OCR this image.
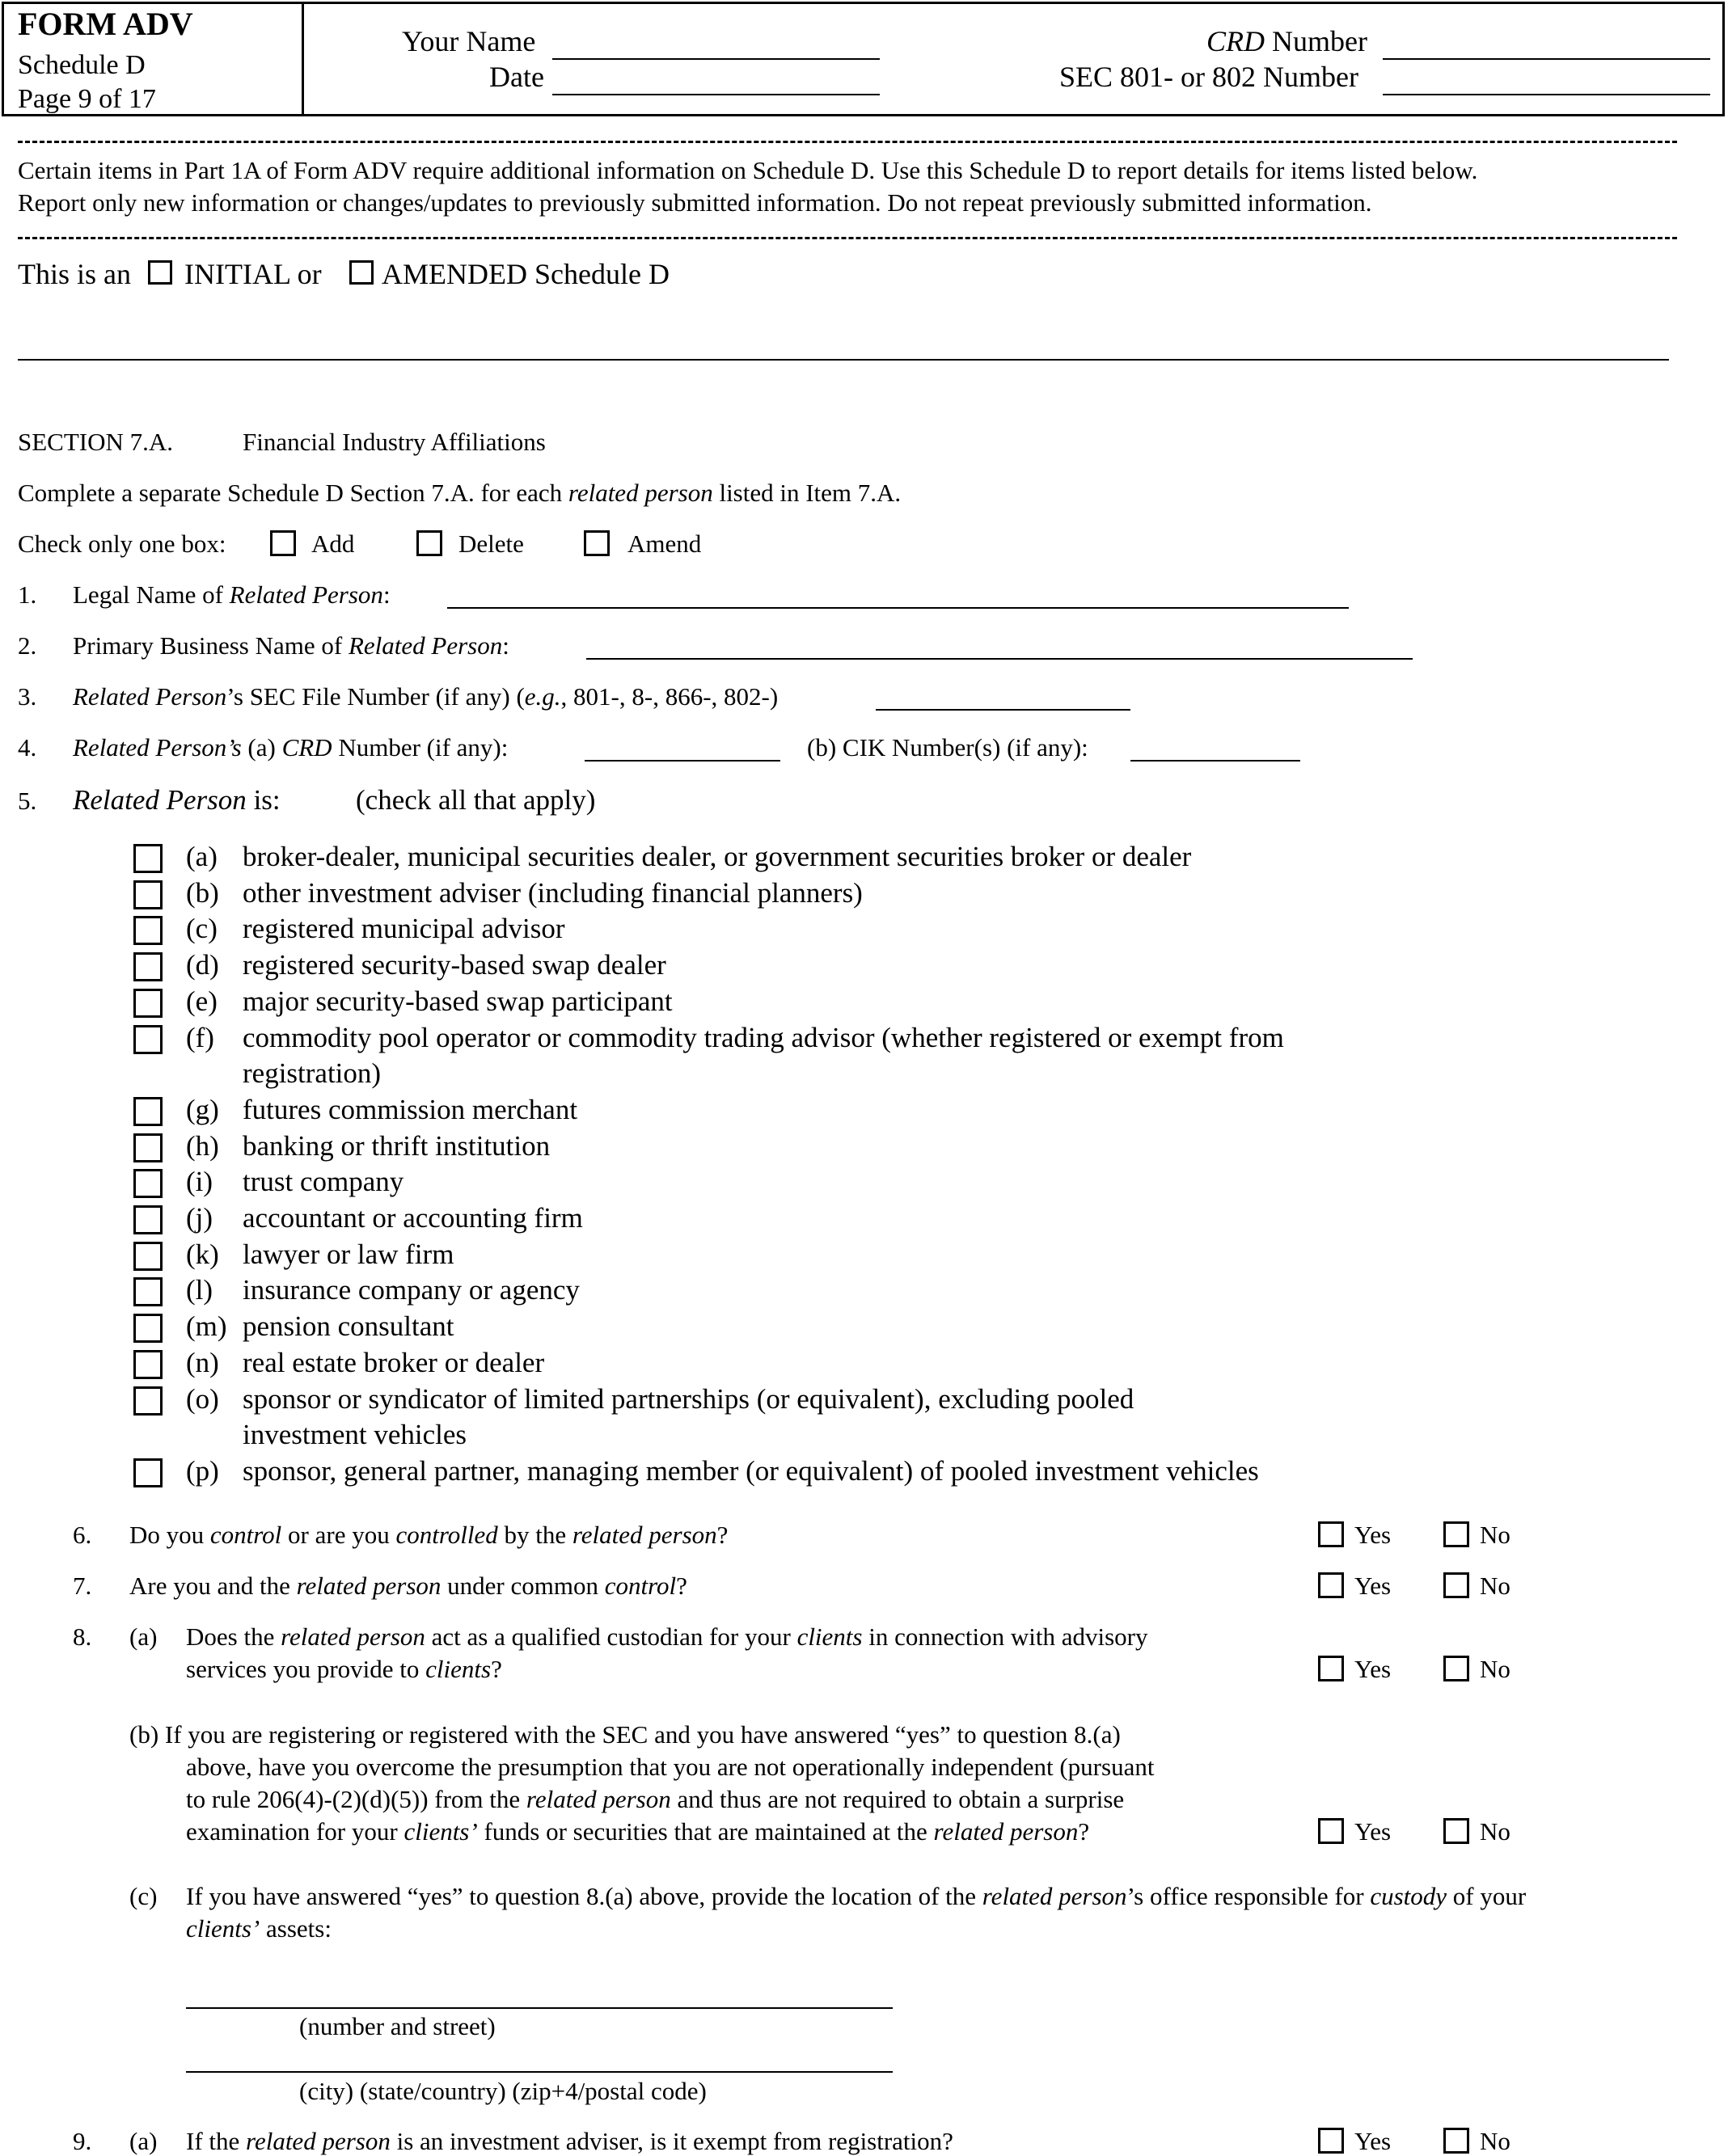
FORM ADV
Schedule D
Page 9 of 17
Your Name
Date
CRD Number
SEC 801- or 802 Number
Certain items in Part 1A of Form ADV require additional information on Schedule D. Use this Schedule D to report details for items listed below.
Report only new information or changes/updates to previously submitted information. Do not repeat previously submitted information.
This is an INITIAL or AMENDED Schedule D
SECTION 7.A.	Financial Industry Affiliations
Complete a separate Schedule D Section 7.A. for each related person listed in Item 7.A.
Check only one box:	Add	Delete	Amend
1. Legal Name of Related Person:
2. Primary Business Name of Related Person:
3. Related Person’s SEC File Number (if any) (e.g., 801-, 8-, 866-, 802-)
4. Related Person’s (a) CRD Number (if any):	(b) CIK Number(s) (if any):
5. Related Person is:	(check all that apply)
(a) broker-dealer, municipal securities dealer, or government securities broker or dealer
(b) other investment adviser (including financial planners)
(c) registered municipal advisor
(d) registered security-based swap dealer
(e) major security-based swap participant
(f) commodity pool operator or commodity trading advisor (whether registered or exempt from
registration)
(g) futures commission merchant
(h) banking or thrift institution
(i) trust company
(j) accountant or accounting firm
(k) lawyer or law firm
(l) insurance company or agency
(m) pension consultant
(n) real estate broker or dealer
(o) sponsor or syndicator of limited partnerships (or equivalent), excluding pooled
investment vehicles
(p) sponsor, general partner, managing member (or equivalent) of pooled investment vehicles
6. Do you control or are you controlled by the related person?	Yes	No
7. Are you and the related person under common control?	Yes	No
8. (a) Does the related person act as a qualified custodian for your clients in connection with advisory
services you provide to clients?	Yes	No
(b) If you are registering or registered with the SEC and you have answered “yes” to question 8.(a)
above, have you overcome the presumption that you are not operationally independent (pursuant
to rule 206(4)-(2)(d)(5)) from the related person and thus are not required to obtain a surprise
examination for your clients’ funds or securities that are maintained at the related person?	Yes	No
(c) If you have answered “yes” to question 8.(a) above, provide the location of the related person’s office responsible for custody of your
clients’ assets:
(number and street)
(city) (state/country) (zip+4/postal code)
9. (a) If the related person is an investment adviser, is it exempt from registration?	Yes	No
